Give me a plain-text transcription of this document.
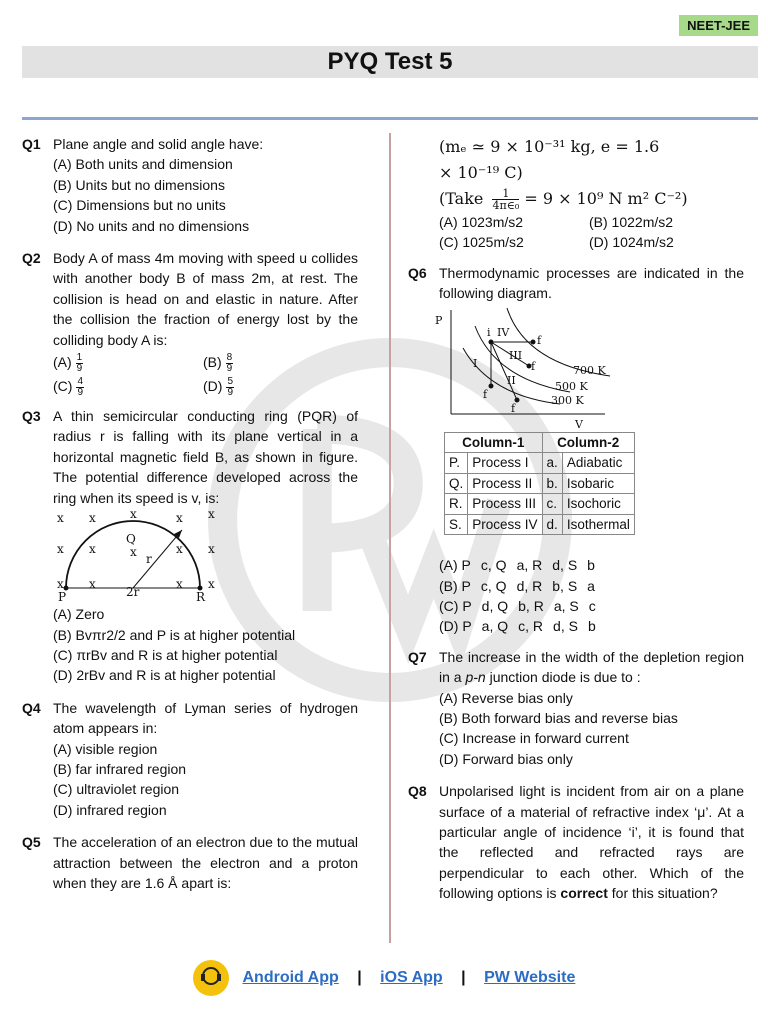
NEET-JEE
PYQ Test 5
Q1 Plane angle and solid angle have:
(A) Both units and dimension
(B) Units but no dimensions
(C) Dimensions but no units
(D) No units and no dimensions
Q2 Body A of mass 4m moving with speed u collides with another body B of mass 2m, at rest. The collision is head on and elastic in nature. After the collision the fraction of energy lost by the colliding body A is:
$(A) \frac{1}{9}$	$(B) \frac{8}{9}$
$(C) \frac{4}{9}$	$(D) \frac{5}{9}$
Q3 A thin semicircular conducting ring (PQR) of radius r is falling with its plane vertical in a horizontal magnetic field B, as shown in figure. The potential difference developed across the ring when its speed is v, is:
x x	x	x x
x x	x	x x
x x	x x
P
Q
R
r
2r
(A) Zero
(B) Bvπr2/2 and P is at higher potential
(C) πrBv and R is at higher potential
(D) 2rBv and R is at higher potential
Q4 The wavelength of Lyman series of hydrogen atom appears in:
(A) visible region
(B) far infrared region
(C) ultraviolet region
(D) infrared region
Q5 The acceleration of an electron due to the mutual attraction between the electron and a proton when they are 1.6 Å apart is:
(mₑ ≃ 9 × 10⁻³¹ kg, e = 1.6
× 10⁻¹⁹ C)
(Take $\frac{1}{\text{4π∈₀}} = 9 \times 10^9$ N m² C⁻²)
(A) 1023m/s2	(B) 1022m/s2
(C) 1025m/s2	(D) 1024m/s2
Q6 Thermodynamic processes are indicated in the following diagram.
P
V
i IV
f
III
f
I
II
f
f
700 K
500 K
300 K
Column-1		Column-2	
P.	Process I	a.	Adiabatic
Q.	Process II	b.	Isobaric
R.	Process III	c.	Isochoric
S.	Process IV	d.	Isothermal
(A) P c, Q a, R d, S b
(B) P c, Q d, R b, S a
(C) P d, Q b, R a, S c
(D) P a, Q c, R d, S b
Q7 The increase in the width of the depletion region in a p-n junction diode is due to :
(A) Reverse bias only
(B) Both forward bias and reverse bias
(C) Increase in forward current
(D) Forward bias only
Q8 Unpolarised light is incident from air on a plane surface of a material of refractive index ‘μ’. At a particular angle of incidence ‘i’, it is found that the reflected and refracted rays are perpendicular to each other. Which of the following options is correct for this situation?
Android App | iOS App | PW Website
